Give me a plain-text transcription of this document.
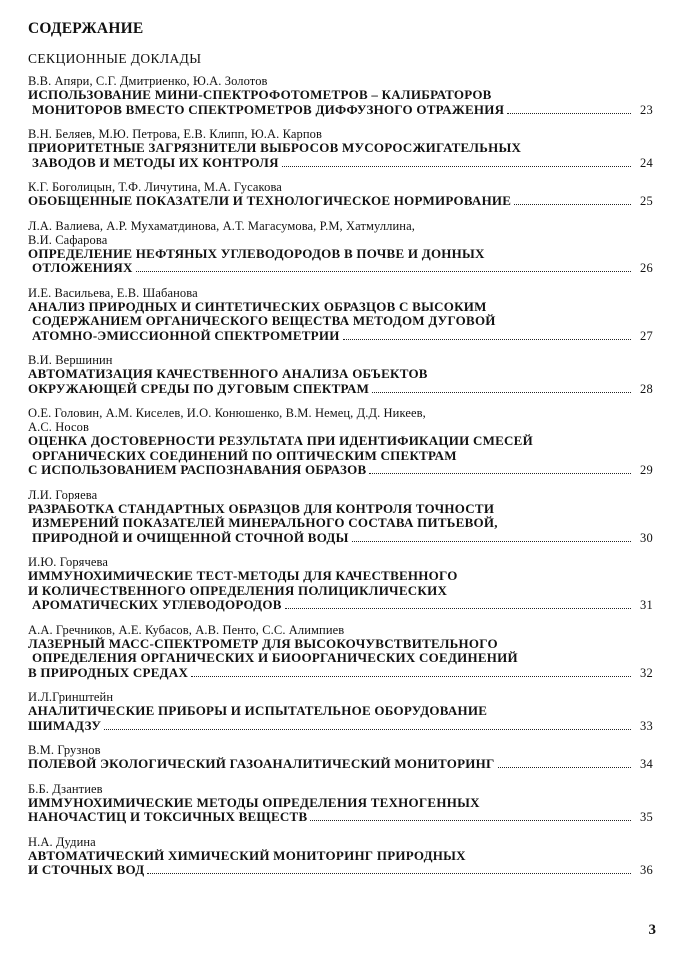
СОДЕРЖАНИЕ
СЕКЦИОННЫЕ ДОКЛАДЫ
В.В. Апяри, С.Г. Дмитриенко, Ю.А. Золотов
ИСПОЛЬЗОВАНИЕ МИНИ-СПЕКТРОФОТОМЕТРОВ – КАЛИБРАТОРОВ
МОНИТОРОВ ВМЕСТО СПЕКТРОМЕТРОВ ДИФФУЗНОГО ОТРАЖЕНИЯ	23
В.Н. Беляев, М.Ю. Петрова, Е.В. Клипп, Ю.А. Карпов
ПРИОРИТЕТНЫЕ ЗАГРЯЗНИТЕЛИ ВЫБРОСОВ МУСОРОСЖИГАТЕЛЬНЫХ
ЗАВОДОВ И МЕТОДЫ ИХ КОНТРОЛЯ	24
К.Г. Боголицын, Т.Ф. Личутина, М.А. Гусакова
ОБОБЩЕННЫЕ ПОКАЗАТЕЛИ И ТЕХНОЛОГИЧЕСКОЕ НОРМИРОВАНИЕ	25
Л.А. Валиева, А.Р. Мухаматдинова, А.Т. Магасумова, Р.М, Хатмуллина,
В.И. Сафарова
ОПРЕДЕЛЕНИЕ НЕФТЯНЫХ УГЛЕВОДОРОДОВ В ПОЧВЕ И ДОННЫХ
ОТЛОЖЕНИЯХ	26
И.Е. Васильева, Е.В. Шабанова
АНАЛИЗ ПРИРОДНЫХ И СИНТЕТИЧЕСКИХ ОБРАЗЦОВ С ВЫСОКИМ
СОДЕРЖАНИЕМ ОРГАНИЧЕСКОГО ВЕЩЕСТВА МЕТОДОМ ДУГОВОЙ
АТОМНО-ЭМИССИОННОЙ СПЕКТРОМЕТРИИ	27
В.И. Вершинин
АВТОМАТИЗАЦИЯ КАЧЕСТВЕННОГО АНАЛИЗА ОБЪЕКТОВ
ОКРУЖАЮЩЕЙ СРЕДЫ ПО ДУГОВЫМ СПЕКТРАМ	28
О.Е. Головин, А.М. Киселев, И.О. Конюшенко, В.М. Немец, Д.Д. Никеев,
А.С. Носов
ОЦЕНКА ДОСТОВЕРНОСТИ РЕЗУЛЬТАТА ПРИ ИДЕНТИФИКАЦИИ СМЕСЕЙ
ОРГАНИЧЕСКИХ СОЕДИНЕНИЙ ПО ОПТИЧЕСКИМ СПЕКТРАМ
С ИСПОЛЬЗОВАНИЕМ РАСПОЗНАВАНИЯ ОБРАЗОВ	29
Л.И. Горяева
РАЗРАБОТКА СТАНДАРТНЫХ ОБРАЗЦОВ ДЛЯ КОНТРОЛЯ ТОЧНОСТИ
ИЗМЕРЕНИЙ ПОКАЗАТЕЛЕЙ МИНЕРАЛЬНОГО СОСТАВА ПИТЬЕВОЙ,
ПРИРОДНОЙ И ОЧИЩЕННОЙ СТОЧНОЙ ВОДЫ	30
И.Ю. Горячева
ИММУНОХИМИЧЕСКИЕ ТЕСТ-МЕТОДЫ ДЛЯ КАЧЕСТВЕННОГО
И КОЛИЧЕСТВЕННОГО ОПРЕДЕЛЕНИЯ ПОЛИЦИКЛИЧЕСКИХ
АРОМАТИЧЕСКИХ УГЛЕВОДОРОДОВ	31
А.А. Гречников, А.Е. Кубасов, А.В. Пенто, С.С. Алимпиев
ЛАЗЕРНЫЙ МАСС-СПЕКТРОМЕТР ДЛЯ ВЫСОКОЧУВСТВИТЕЛЬНОГО
ОПРЕДЕЛЕНИЯ ОРГАНИЧЕСКИХ И БИООРГАНИЧЕСКИХ СОЕДИНЕНИЙ
В ПРИРОДНЫХ СРЕДАХ	32
И.Л.Гринштейн
АНАЛИТИЧЕСКИЕ ПРИБОРЫ И ИСПЫТАТЕЛЬНОЕ ОБОРУДОВАНИЕ
ШИМАДЗУ	33
В.М. Грузнов
ПОЛЕВОЙ ЭКОЛОГИЧЕСКИЙ ГАЗОАНАЛИТИЧЕСКИЙ МОНИТОРИНГ	34
Б.Б. Дзантиев
ИММУНОХИМИЧЕСКИЕ МЕТОДЫ ОПРЕДЕЛЕНИЯ ТЕХНОГЕННЫХ
НАНОЧАСТИЦ И ТОКСИЧНЫХ ВЕЩЕСТВ	35
Н.А. Дудина
АВТОМАТИЧЕСКИЙ ХИМИЧЕСКИЙ МОНИТОРИНГ ПРИРОДНЫХ
И СТОЧНЫХ ВОД	36
3
